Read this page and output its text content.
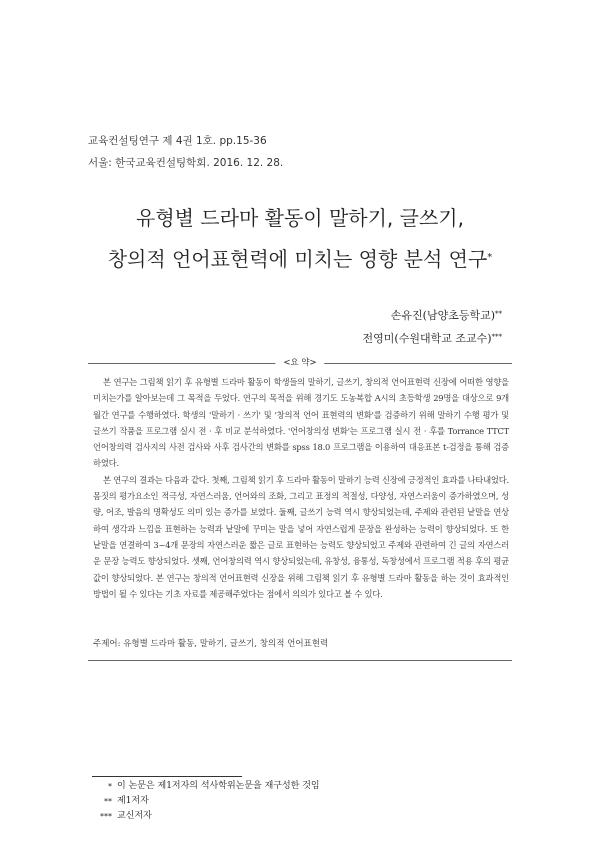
교육컨설팅연구 제 4권 1호. pp.15-36
서울: 한국교육컨설팅학회. 2016. 12. 28.
유형별 드라마 활동이 말하기, 글쓰기,
창의적 언어표현력에 미치는 영향 분석 연구*
손유진(남양초등학교)**
전영미(수원대학교 조교수)***
<요 약>

본 연구는 그림책 읽기 후 유형별 드라마 활동이 학생들의 말하기, 글쓰기, 창의적 언어표현력 신장에 어떠한 영향을 미치는가를 알아보는데 그 목적을 두었다. 연구의 목적을 위해 경기도 도농복합 A시의 초등학생 29명을 대상으로 9개월간 연구를 수행하였다. 학생의 '말하기 · 쓰기' 및 '창의적 언어 표현력의 변화'를 검증하기 위해 말하기 수행 평가 및 글쓰기 작품을 프로그램 실시 전 · 후 비교 분석하였다. '언어창의성 변화'는 프로그램 실시 전 · 후를 Torrance TTCT 언어창의력 검사지의 사전 검사와 사후 검사간의 변화를 spss 18.0 프로그램을 이용하여 대응표본 t-검정을 통해 검증하였다.

본 연구의 결과는 다음과 같다. 첫째, 그림책 읽기 후 드라마 활동이 말하기 능력 신장에 긍정적인 효과를 나타내었다. 몸짓의 평가요소인 적극성, 자연스러움, 언어와의 조화, 그리고 표정의 적절성, 다양성, 자연스러움이 증가하였으며, 성량, 어조, 발음의 명확성도 의미 있는 증가를 보였다. 둘째, 글쓰기 능력 역시 향상되었는데, 주제와 관련된 낱말을 연상하여 생각과 느낌을 표현하는 능력과 낱말에 꾸미는 말을 넣어 자연스럽게 문장을 완성하는 능력이 향상되었다. 또 한 낱말을 연결하여 3~4개 문장의 자연스러운 짧은 글로 표현하는 능력도 향상되었고 주제와 관련하여 긴 글의 자연스러운 문장 능력도 향상되었다. 셋째, 언어창의력 역시 향상되었는데, 유창성, 융통성, 독창성에서 프로그램 적용 후의 평균값이 향상되었다. 본 연구는 창의적 언어표현력 신장을 위해 그림책 읽기 후 유형별 드라마 활동을 하는 것이 효과적인 방법이 될 수 있다는 기초 자료를 제공해주었다는 점에서 의의가 있다고 볼 수 있다.

주제어: 유형별 드라마 활동, 말하기, 글쓰기, 창의적 언어표현력
* 이 논문은 제1저자의 석사학위논문을 재구성한 것임
** 제1저자
*** 교신저자
